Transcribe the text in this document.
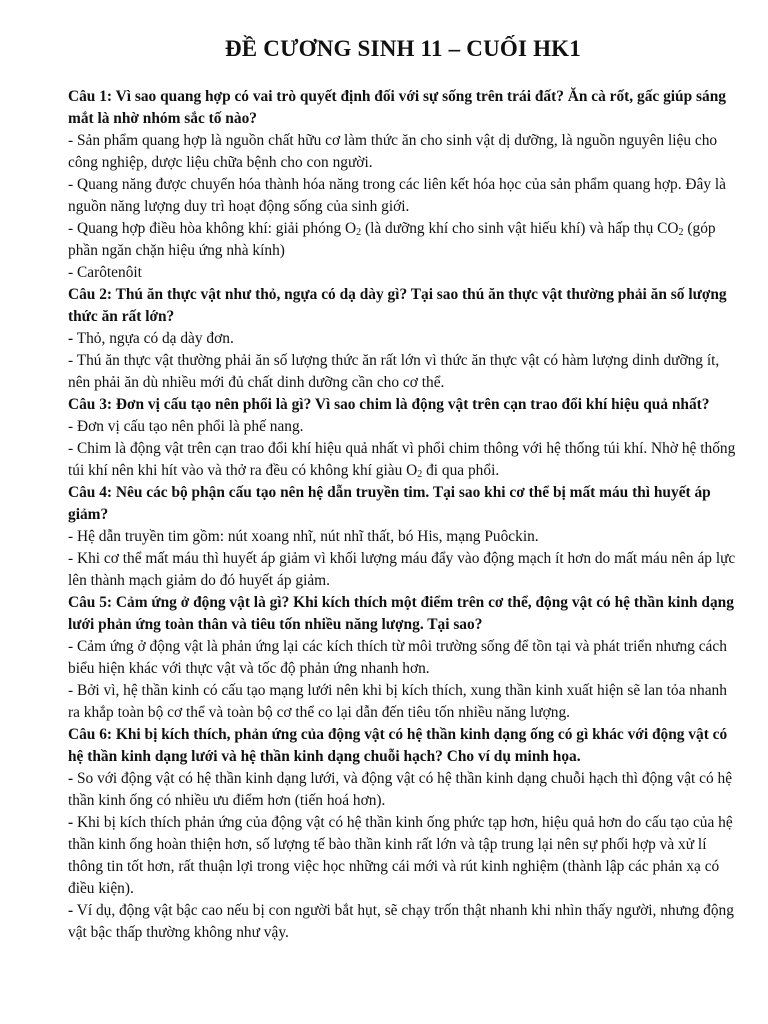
ĐỀ CƯƠNG SINH 11 – CUỐI HK1

Câu 1: Vì sao quang hợp có vai trò quyết định đối với sự sống trên trái đất? Ăn cà rốt, gấc giúp sáng mắt là nhờ nhóm sắc tố nào?

- Sản phẩm quang hợp là nguồn chất hữu cơ làm thức ăn cho sinh vật dị dưỡng, là nguồn nguyên liệu cho công nghiệp, dược liệu chữa bệnh cho con người.

- Quang năng được chuyển hóa thành hóa năng trong các liên kết hóa học của sản phẩm quang hợp. Đây là nguồn năng lượng duy trì hoạt động sống của sinh giới.

- Quang hợp điều hòa không khí: giải phóng $O_2$ (là dưỡng khí cho sinh vật hiếu khí) và hấp thụ $CO_2$ (góp phần ngăn chặn hiệu ứng nhà kính)

- Carôtenôit

Câu 2: Thú ăn thực vật như thỏ, ngựa có dạ dày gì? Tại sao thú ăn thực vật thường phải ăn số lượng thức ăn rất lớn?

- Thỏ, ngựa có dạ dày đơn.

- Thú ăn thực vật thường phải ăn số lượng thức ăn rất lớn vì thức ăn thực vật có hàm lượng dinh dưỡng ít, nên phải ăn dù nhiều mới đủ chất dinh dưỡng cần cho cơ thể.

Câu 3: Đơn vị cấu tạo nên phổi là gì? Vì sao chim là động vật trên cạn trao đổi khí hiệu quả nhất?

- Đơn vị cấu tạo nên phổi là phế nang.

- Chim là động vật trên cạn trao đổi khí hiệu quả nhất vì phổi chim thông với hệ thống túi khí. Nhờ hệ thống túi khí nên khi hít vào và thở ra đều có không khí giàu $O_2$ đi qua phổi.

Câu 4: Nêu các bộ phận cấu tạo nên hệ dẫn truyền tim. Tại sao khi cơ thể bị mất máu thì huyết áp giảm?

- Hệ dẫn truyền tim gồm: nút xoang nhĩ, nút nhĩ thất, bó His, mạng Puôckin.

- Khi cơ thể mất máu thì huyết áp giảm vì khối lượng máu đẩy vào động mạch ít hơn do mất máu nên áp lực lên thành mạch giảm do đó huyết áp giảm.

Câu 5: Cảm ứng ở động vật là gì? Khi kích thích một điểm trên cơ thể, động vật có hệ thần kinh dạng lưới phản ứng toàn thân và tiêu tốn nhiều năng lượng. Tại sao?

- Cảm ứng ở động vật là phản ứng lại các kích thích từ môi trường sống để tồn tại và phát triển nhưng cách biểu hiện khác với thực vật và tốc độ phản ứng nhanh hơn.

- Bởi vì, hệ thần kinh có cấu tạo mạng lưới nên khi bị kích thích, xung thần kinh xuất hiện sẽ lan tỏa nhanh ra khắp toàn bộ cơ thể và toàn bộ cơ thể co lại dẫn đến tiêu tốn nhiều năng lượng.

Câu 6: Khi bị kích thích, phản ứng của động vật có hệ thần kinh dạng ống có gì khác với động vật có hệ thần kinh dạng lưới và hệ thần kinh dạng chuỗi hạch? Cho ví dụ minh họa.

- So với động vật có hệ thần kinh dạng lưới, và động vật có hệ thần kinh dạng chuỗi hạch thì động vật có hệ thần kinh ống có nhiều ưu điểm hơn (tiến hoá hơn).

- Khi bị kích thích phản ứng của động vật có hệ thần kinh ống phức tạp hơn, hiệu quả hơn do cấu tạo của hệ thần kinh ống hoàn thiện hơn, số lượng tế bào thần kinh rất lớn và tập trung lại nên sự phối hợp và xử lí thông tin tốt hơn, rất thuận lợi trong việc học những cái mới và rút kinh nghiệm (thành lập các phản xạ có điều kiện).

- Ví dụ, động vật bậc cao nếu bị con người bắt hụt, sẽ chạy trốn thật nhanh khi nhìn thấy người, nhưng động vật bậc thấp thường không như vậy.
